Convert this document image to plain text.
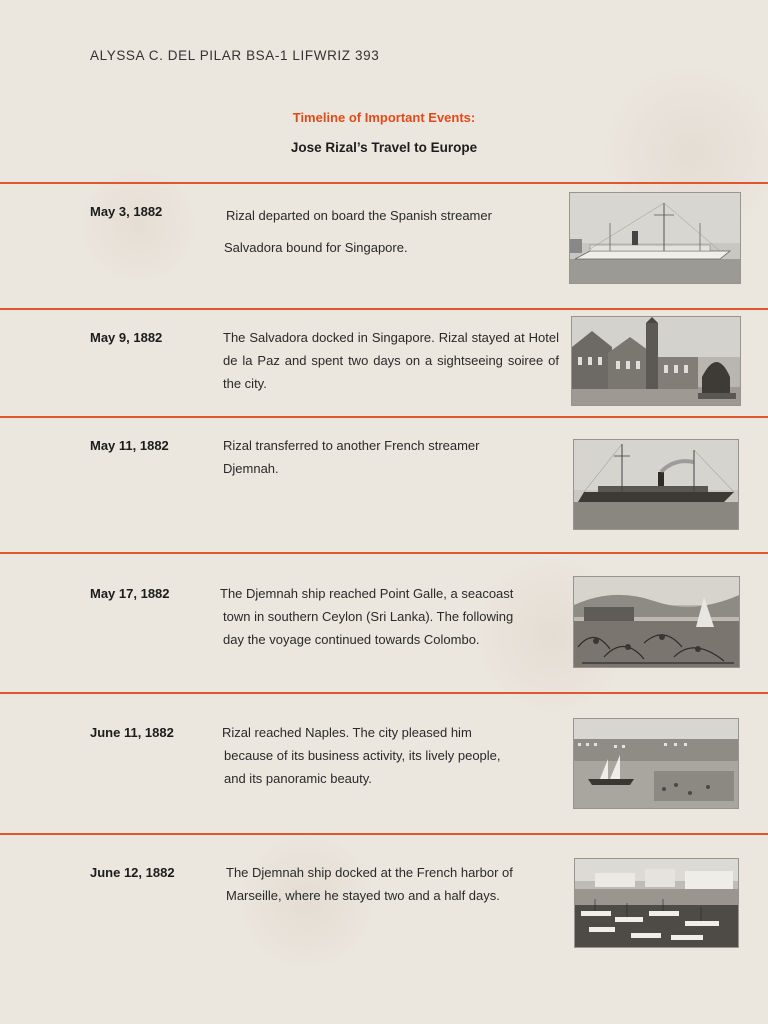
ALYSSA C. DEL PILAR BSA-1 LIFWRIZ 393
Timeline of Important Events:
Jose Rizal’s Travel to Europe
May 3, 1882	Rizal departed on board the Spanish streamer
Salvadora bound for Singapore.
May 9, 1882	The Salvadora docked in Singapore. Rizal stayed at Hotel de la Paz and spent two days on a sightseeing soiree of the city.
May 11, 1882	Rizal transferred to another French streamer
Djemnah.
May 17, 1882	The Djemnah ship reached Point Galle, a seacoast
town in southern Ceylon (Sri Lanka). The following
day the voyage continued towards Colombo.
June 11, 1882	Rizal reached Naples. The city pleased him
because of its business activity, its lively people,
and its panoramic beauty.
June 12, 1882	The Djemnah ship docked at the French harbor of
Marseille, where he stayed two and a half days.
